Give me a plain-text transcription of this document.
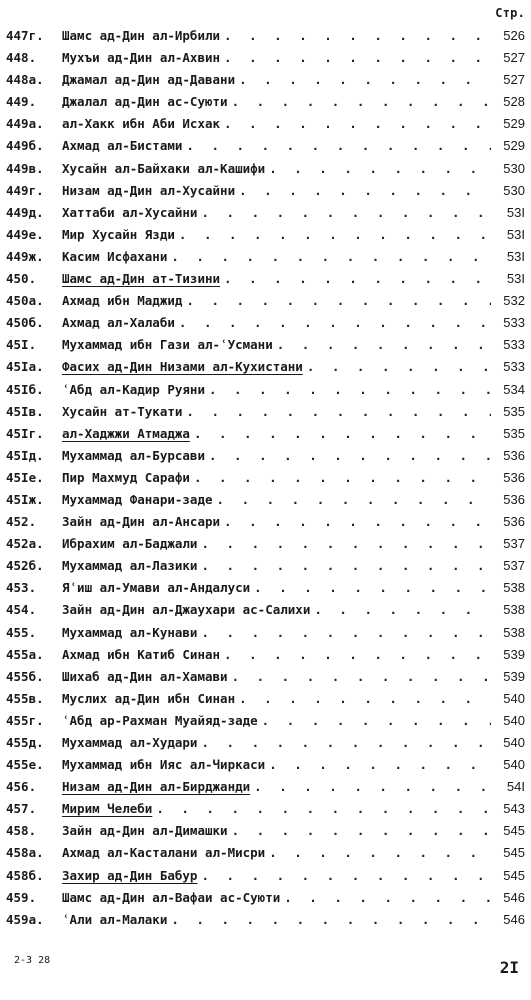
Стр.
447г.	Шамс ад-Дин ал-Ирбили . . .	526
448.	Мухъи ад-Дин ал-Ахвин . . .	527
448а.	Джамал ад-Дин ад-Давани . . .	527
449.	Джалал ад-Дин ас-Суюти . . .	528
449а.	ал-Хакк ибн Аби Исхак . . .	529
449б.	Ахмад ал-Бистами . . .	529
449в.	Хусайн ал-Байхаки ал-Кашифи . . .	530
449г.	Низам ад-Дин ал-Хусайни . . .	530
449д.	Хаттаби ал-Хусайни . . .	53I
449е.	Мир Хусайн Язди . . .	53I
449ж.	Касим Исфахани . . .	53I
450.	Шамс ад-Дин ат-Тизини . . .	53I
450а.	Ахмад ибн Маджид . . .	532
450б.	Ахмад ал-Халаби . . .	533
45I.	Мухаммад ибн Гази ал-ʿУсмани . . .	533
45Iа.	Фасих ад-Дин Низами ал-Кухистани . . .	533
45Iб.	ʿАбд ал-Кадир Руяни . . .	534
45Iв.	Хусайн ат-Тукати . . .	535
45Iг.	ал-Хаджжи Атмаджа . . .	535
45Iд.	Мухаммад ал-Бурсави . . .	536
45Iе.	Пир Махмуд Сарафи . . .	536
45Iж.	Мухаммад Фанари-заде . . .	536
452.	Зайн ад-Дин ал-Ансари . . .	536
452а.	Ибрахим ал-Баджали . . .	537
452б.	Мухаммад ал-Лазики . . .	537
453.	Яʿиш ал-Умави ал-Андалуси . . .	538
454.	Зайн ад-Дин ал-Джаухари ас-Салихи . . .	538
455.	Мухаммад ал-Кунави . . .	538
455а.	Ахмад ибн Катиб Синан . . .	539
455б.	Шихаб ад-Дин ал-Хамави . . .	539
455в.	Муслих ад-Дин ибн Синан . . .	540
455г.	ʿАбд ар-Рахман Муайяд-заде . . .	540
455д.	Мухаммад ал-Худари . . .	540
455е.	Мухаммад ибн Ияс ал-Чиркаси . . .	540
456.	Низам ад-Дин ал-Бирджанди . . .	54I
457.	Мирим Челеби . . .	543
458.	Зайн ад-Дин ал-Димашки . . .	545
458а.	Ахмад ал-Касталани ал-Мисри . . .	545
458б.	Захир ад-Дин Бабур . . .	545
459.	Шамс ад-Дин ал-Вафаи ас-Суюти . . .	546
459а.	ʿАли ал-Малаки . . .	546
2-3 28	2I
